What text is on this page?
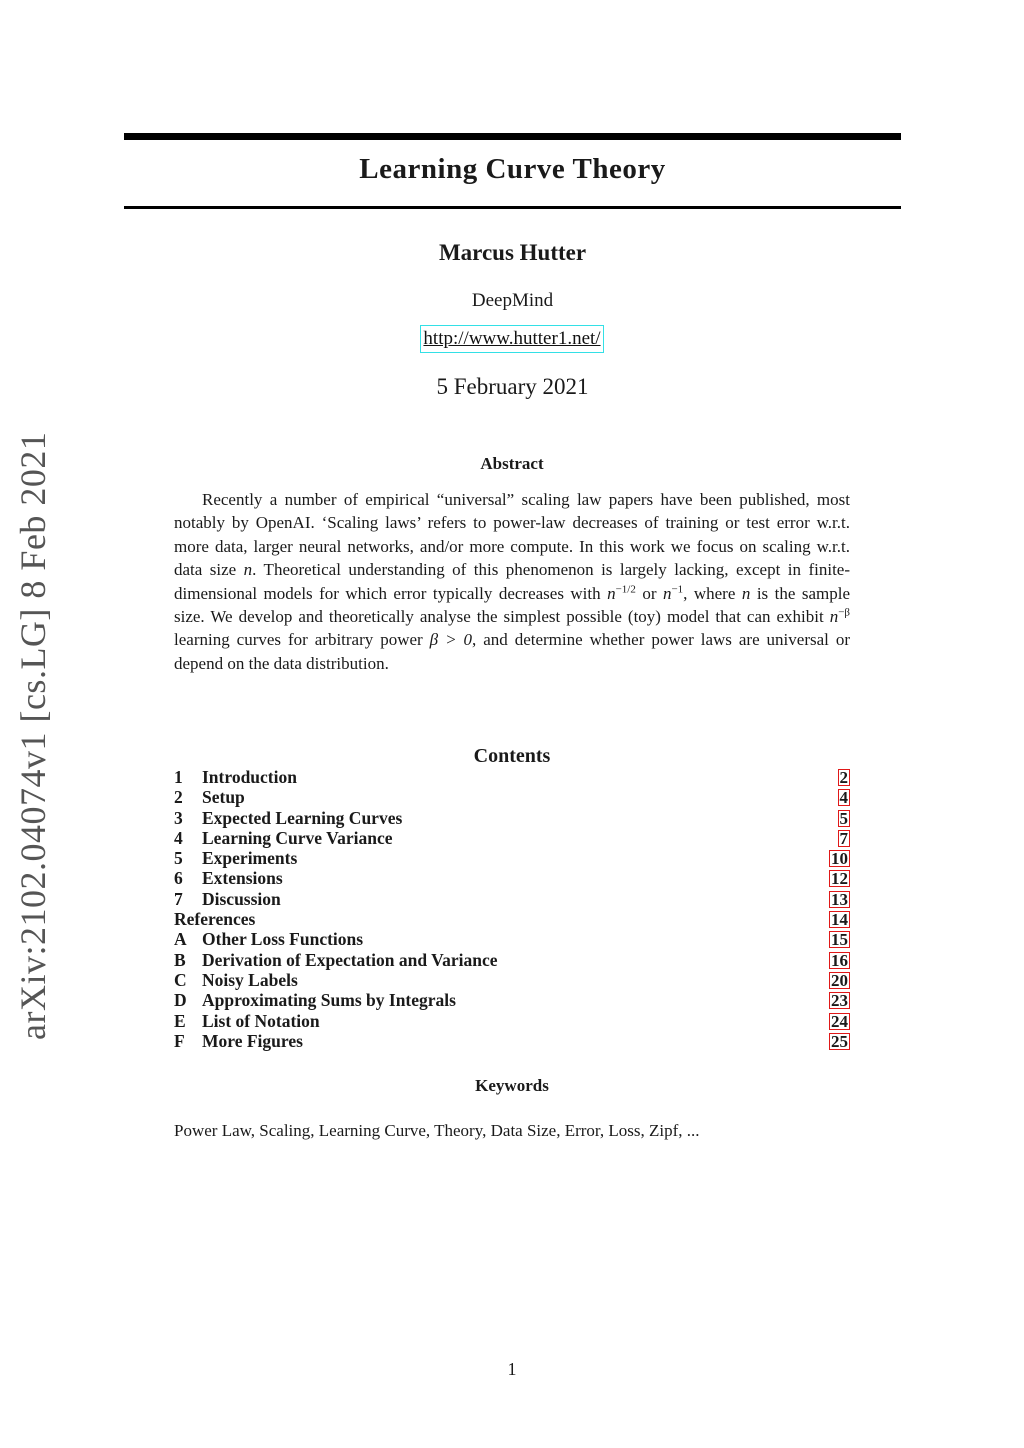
Learning Curve Theory
Marcus Hutter
DeepMind
http://www.hutter1.net/
5 February 2021
arXiv:2102.04074v1 [cs.LG] 8 Feb 2021	Abstract

Recently a number of empirical “universal” scaling law papers have been published, most notably by OpenAI. ‘Scaling laws’ refers to power-law decreases of training or test error w.r.t. more data, larger neural networks, and/or more compute. In this work we focus on scaling w.r.t. data size n. Theoretical understanding of this phenomenon is largely lacking, except in finite-dimensional models for which error typically decreases with $n^{-1/2}$ or $n^{-1}$, where n is the sample size. We develop and theoretically analyse the simplest possible (toy) model that can exhibit $n^{-\beta}$ learning curves for arbitrary power β > 0, and determine whether power laws are universal or depend on the data distribution.

Contents
1	Introduction	2
2	Setup	4
3	Expected Learning Curves	5
4	Learning Curve Variance	7
5	Experiments	10
6	Extensions	12
7	Discussion	13
References	14
A Other Loss Functions	15
B Derivation of Expectation and Variance	16
C Noisy Labels	20
D Approximating Sums by Integrals	23
E List of Notation	24
F More Figures	25
Keywords
Power Law, Scaling, Learning Curve, Theory, Data Size, Error, Loss, Zipf, ...
1
